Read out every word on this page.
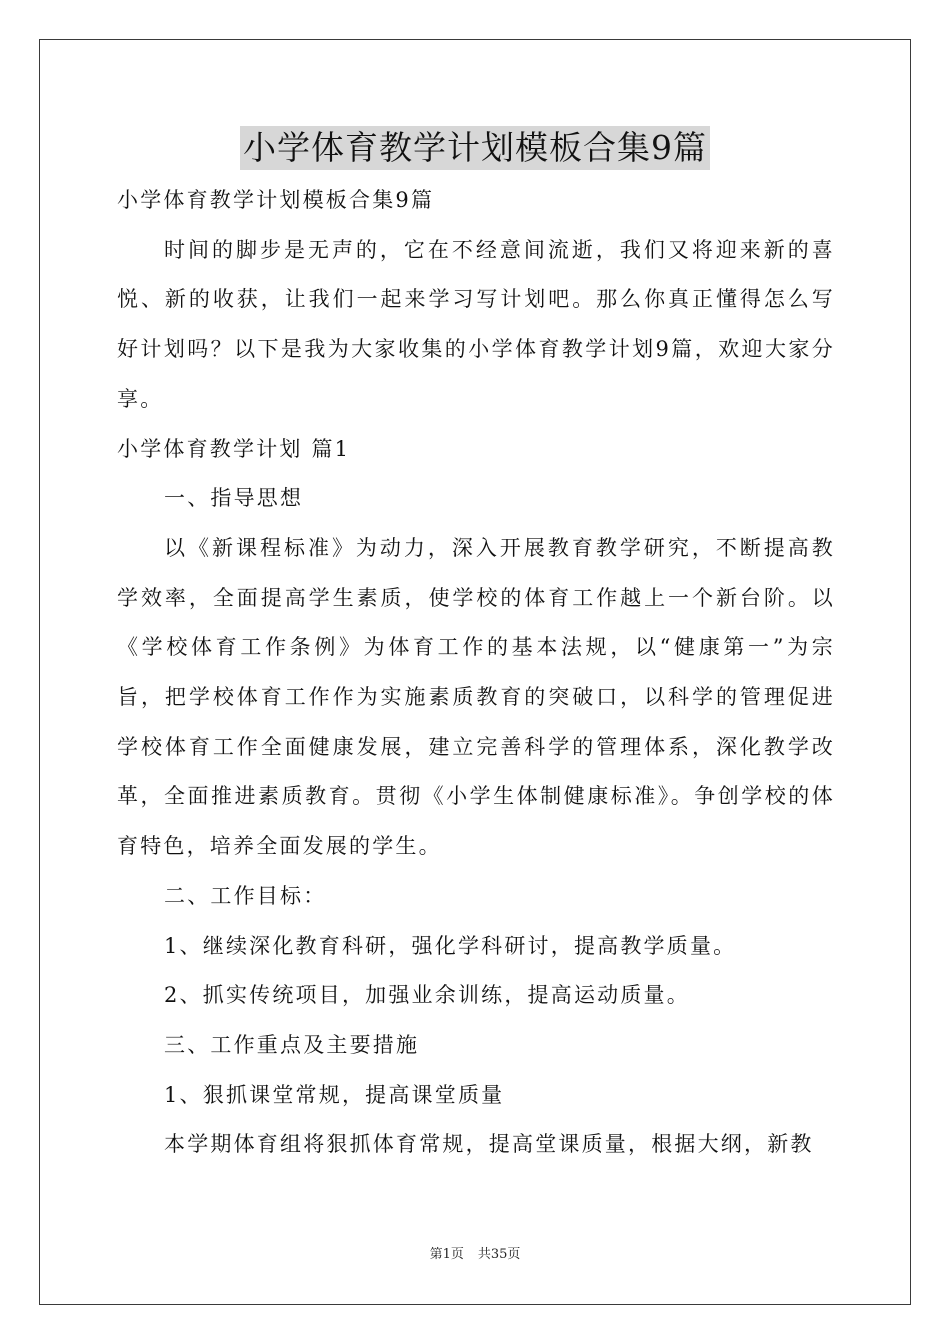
小学体育教学计划模板合集9篇

小学体育教学计划模板合集9篇

时间的脚步是无声的，它在不经意间流逝，我们又将迎来新的喜悦、新的收获，让我们一起来学习写计划吧。那么你真正懂得怎么写好计划吗？以下是我为大家收集的小学体育教学计划9篇，欢迎大家分享。

小学体育教学计划 篇1

一、指导思想

以《新课程标准》为动力，深入开展教育教学研究，不断提高教学效率，全面提高学生素质，使学校的体育工作越上一个新台阶。以《学校体育工作条例》为体育工作的基本法规，以“健康第一”为宗旨，把学校体育工作作为实施素质教育的突破口，以科学的管理促进学校体育工作全面健康发展，建立完善科学的管理体系，深化教学改革，全面推进素质教育。贯彻《小学生体制健康标准》。争创学校的体育特色，培养全面发展的学生。

二、工作目标：

1、继续深化教育科研，强化学科研讨，提高教学质量。

2、抓实传统项目，加强业余训练，提高运动质量。

三、工作重点及主要措施

1、狠抓课堂常规，提高课堂质量

本学期体育组将狠抓体育常规，提高堂课质量，根据大纲，新教

第1页 共35页
